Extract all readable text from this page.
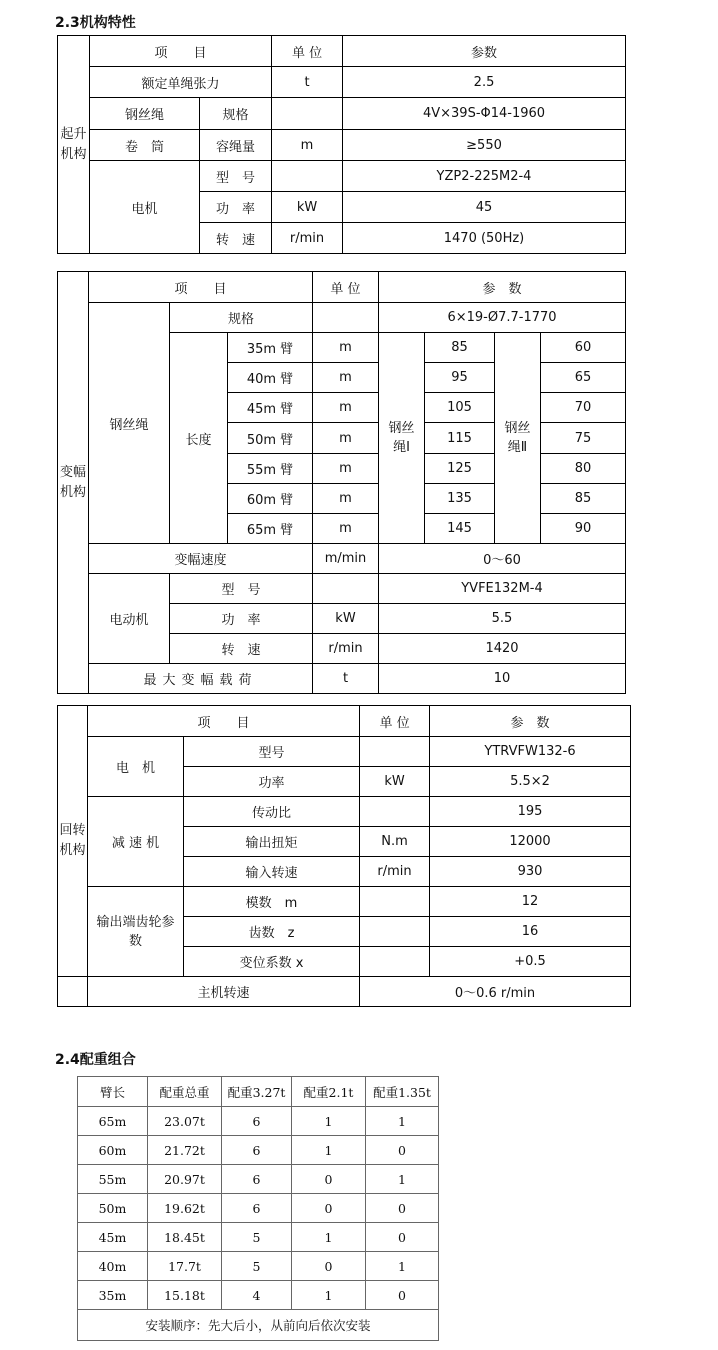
2.3机构特性
起升机构	项　　目		单 位	参数
	额定单绳张力		t	2.5
	钢丝绳	规格		4V×39S-Φ14-1960
	卷　筒	容绳量	m	≥550
	电机	型　号		YZP2-225M2-4
		功　率	kW	45
		转　速	r/min	1470 (50Hz)
变幅机构	项　　目			单 位	参　数			
	钢丝绳	规格			6×19-Ø7.7-1770			
		长度	35m 臂	m	钢丝绳Ⅰ	85	钢丝绳Ⅱ	60
			40m 臂	m		95		65
			45m 臂	m		105		70
			50m 臂	m		115		75
			55m 臂	m		125		80
			60m 臂	m		135		85
			65m 臂	m		145		90
	变幅速度			m/min	0～60			
	电动机	型　号			YVFE132M-4			
		功　率		kW	5.5			
		转　速		r/min	1420			
	最大变幅载荷			t	10			
回转机构	项　　目		单 位	参　数
	电　机	型号		YTRVFW132-6
		功率	kW	5.5×2
	减 速 机	传动比		195
		输出扭矩	N.m	12000
		输入转速	r/min	930
	输出端齿轮参数	模数　m		12
		齿数　z		16
		变位系数 x		+0.5
	主机转速		0～0.6 r/min	
2.4配重组合
臂长	配重总重	配重3.27t	配重2.1t	配重1.35t
65m	23.07t	6	1	1
60m	21.72t	6	1	0
55m	20.97t	6	0	1
50m	19.62t	6	0	0
45m	18.45t	5	1	0
40m	17.7t	5	0	1
35m	15.18t	4	1	0
安装顺序：先大后小，从前向后依次安装				
